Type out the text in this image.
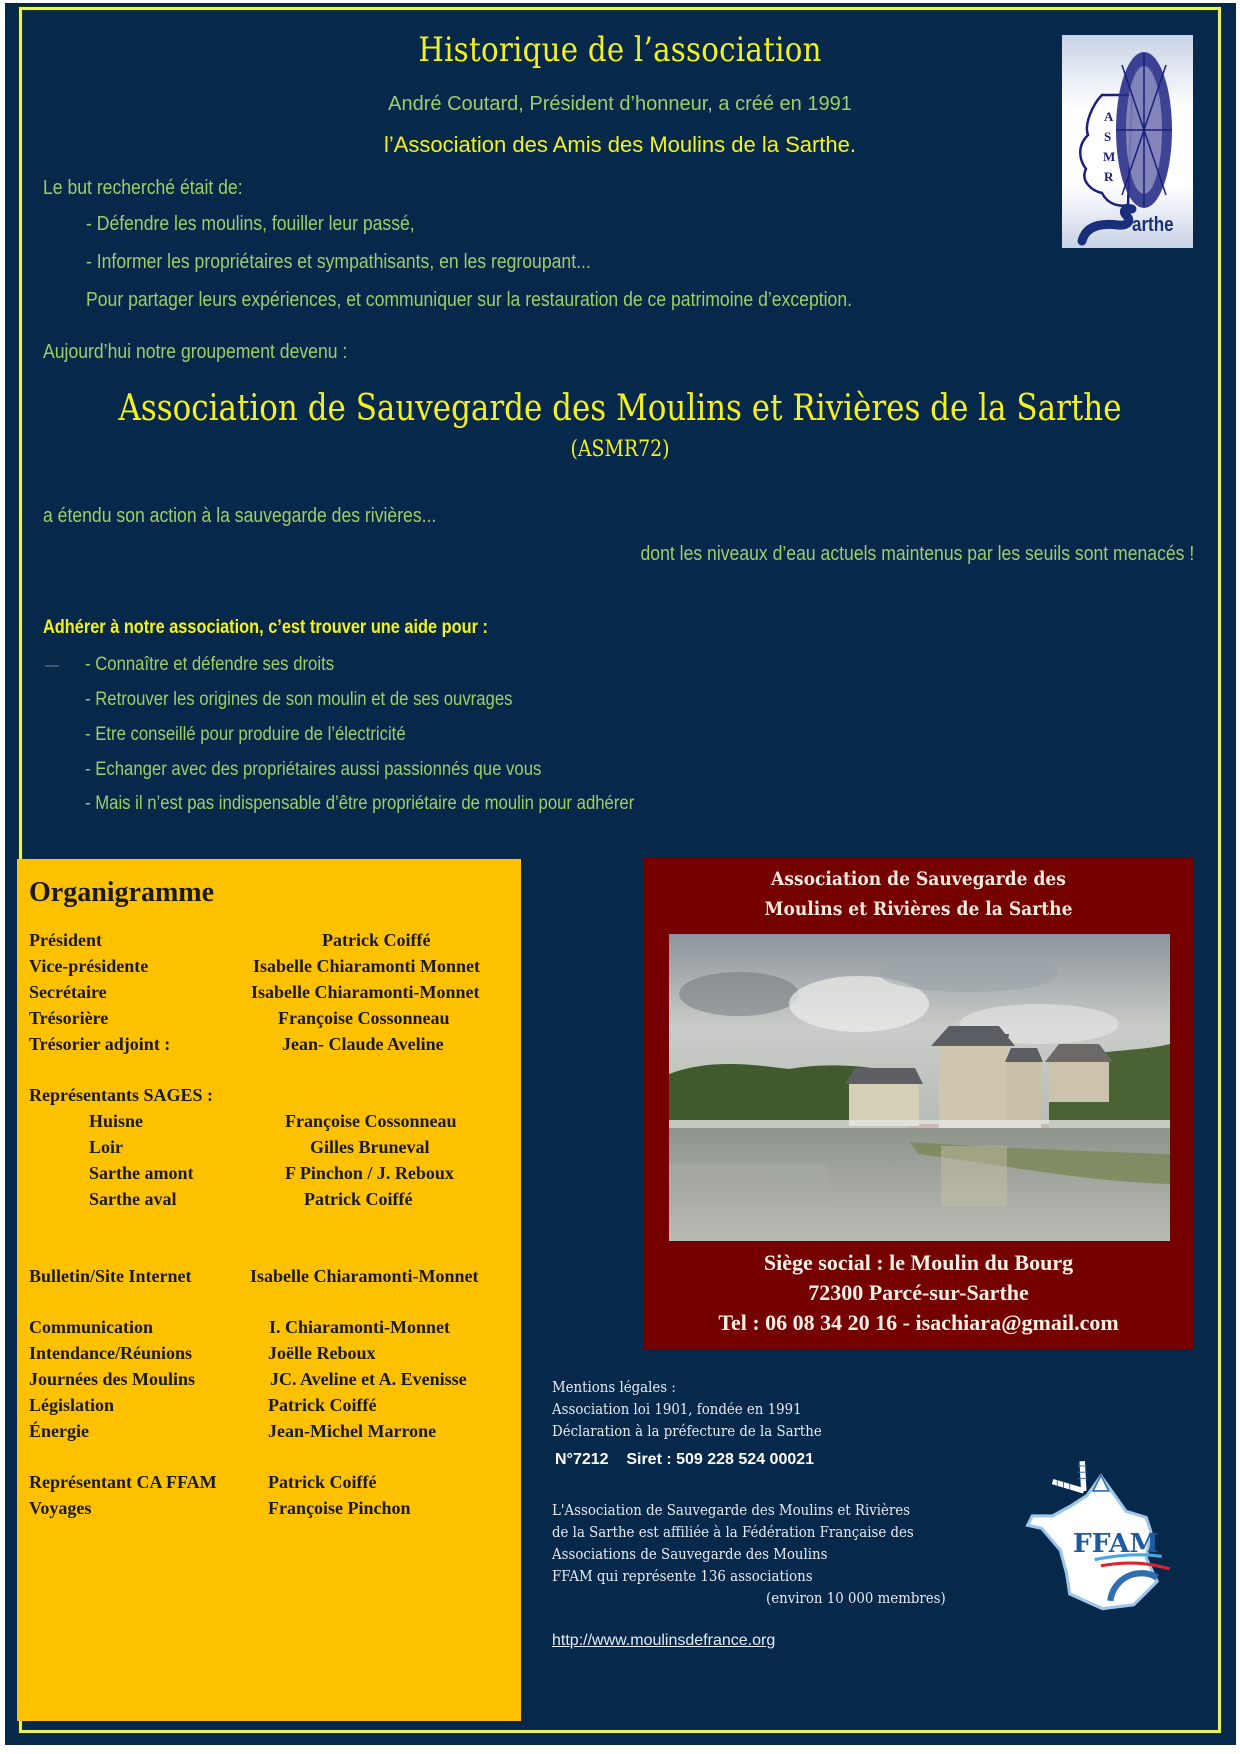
Historique de l’association
André Coutard, Président d’honneur, a créé en 1991
l’Association des Amis des Moulins de la Sarthe.
A
S
M
R
arthe
Le but recherché était de:
- Défendre les moulins, fouiller leur passé,
- Informer les propriétaires et sympathisants, en les regroupant...
Pour partager leurs expériences, et communiquer sur la restauration de ce patrimoine d’exception.
Aujourd’hui notre groupement devenu :
Association de Sauvegarde des Moulins et Rivières de la Sarthe
(ASMR72)
a étendu son action à la sauvegarde des rivières...
dont les niveaux d’eau actuels maintenus par les seuils sont menacés !
Adhérer à notre association, c’est trouver une aide pour :
- Connaître et défendre ses droits
- Retrouver les origines de son moulin et de ses ouvrages
- Etre conseillé pour produire de l’électricité
- Echanger avec des propriétaires aussi passionnés que vous
- Mais il n’est pas indispensable d’être propriétaire de moulin pour adhérer
Organigramme
Président	Patrick Coiffé
Vice-présidente	Isabelle Chiaramonti Monnet
Secrétaire	Isabelle Chiaramonti-Monnet
Trésorière	Françoise Cossonneau
Trésorier adjoint :	Jean- Claude Aveline
Représentants SAGES :
Huisne	Françoise Cossonneau
Loir	Gilles Bruneval
Sarthe amont	F Pinchon / J. Reboux
Sarthe aval	Patrick Coiffé
Bulletin/Site Internet	Isabelle Chiaramonti-Monnet
Communication	I. Chiaramonti-Monnet
Intendance/Réunions	Joëlle Reboux
Journées des Moulins	JC. Aveline et A. Evenisse
Législation	Patrick Coiffé
Énergie	Jean-Michel Marrone
Représentant CA FFAM	Patrick Coiffé
Voyages	Françoise Pinchon
Association de Sauvegarde des
Moulins et Rivières de la Sarthe
Siège social : le Moulin du Bourg
72300 Parcé-sur-Sarthe
Tel : 06 08 34 20 16 - isachiara@gmail.com
Mentions légales :
Association loi 1901, fondée en 1991
Déclaration à la préfecture de la Sarthe
N°7212    Siret : 509 228 524 00021
L'Association de Sauvegarde des Moulins et Rivières
de la Sarthe est affiliée à la Fédération Française des
Associations de Sauvegarde des Moulins
FFAM qui représente 136 associations
(environ 10 000 membres)
http://www.moulinsdefrance.org
FFAM
